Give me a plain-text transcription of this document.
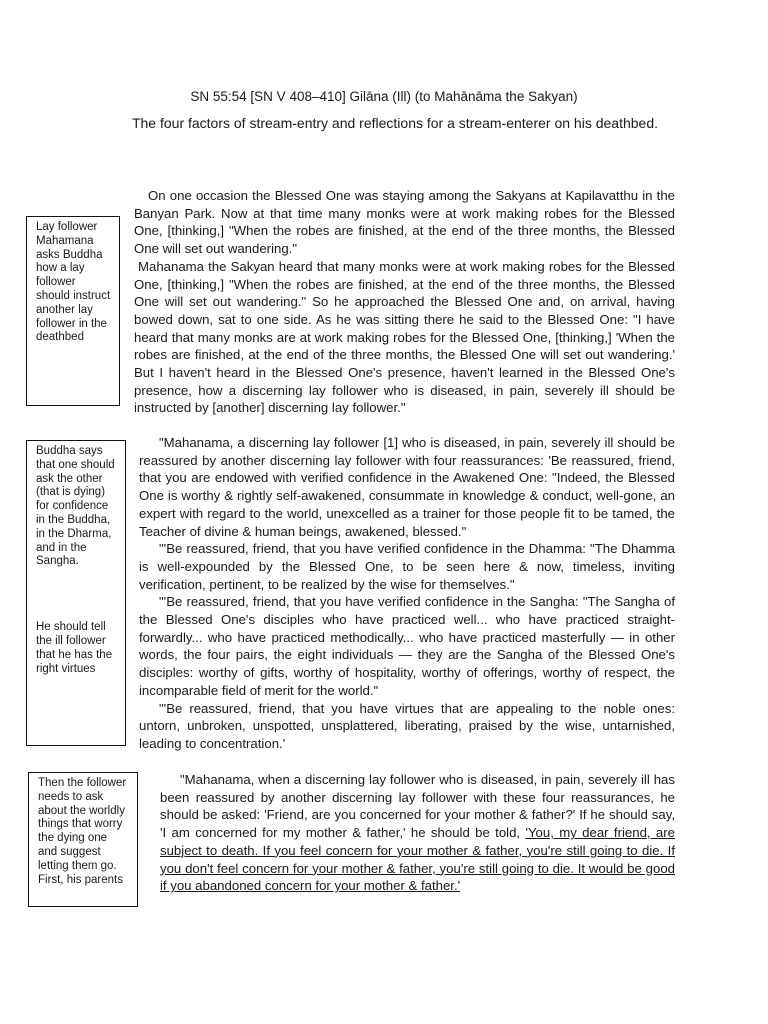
SN 55:54 [SN V 408–410] Gilāna (Ill) (to Mahānāma the Sakyan)
The four factors of stream-entry and reflections for a stream-enterer on his deathbed.

Lay follower Mahamana asks Buddha how a lay follower should instruct another lay follower in the deathbed

Buddha says that one should ask the other (that is dying) for confidence in the Buddha, in the Dharma, and in the Sangha.

He should tell the ill follower that he has the right virtues

Then the follower needs to ask about the worldly things that worry the dying one and suggest letting them go. First, his parents

On one occasion the Blessed One was staying among the Sakyans at Kapilavatthu in the Banyan Park. Now at that time many monks were at work making robes for the Blessed One, [thinking,] "When the robes are finished, at the end of the three months, the Blessed One will set out wandering."
Mahanama the Sakyan heard that many monks were at work making robes for the Blessed One, [thinking,] "When the robes are finished, at the end of the three months, the Blessed One will set out wandering." So he approached the Blessed One and, on arrival, having bowed down, sat to one side. As he was sitting there he said to the Blessed One: "I have heard that many monks are at work making robes for the Blessed One, [thinking,] 'When the robes are finished, at the end of the three months, the Blessed One will set out wandering.' But I haven't heard in the Blessed One's presence, haven't learned in the Blessed One's presence, how a discerning lay follower who is diseased, in pain, severely ill should be instructed by [another] discerning lay follower."

"Mahanama, a discerning lay follower [1] who is diseased, in pain, severely ill should be reassured by another discerning lay follower with four reassurances: 'Be reassured, friend, that you are endowed with verified confidence in the Awakened One: "Indeed, the Blessed One is worthy & rightly self-awakened, consummate in knowledge & conduct, well-gone, an expert with regard to the world, unexcelled as a trainer for those people fit to be tamed, the Teacher of divine & human beings, awakened, blessed."
"'Be reassured, friend, that you have verified confidence in the Dhamma: "The Dhamma is well-expounded by the Blessed One, to be seen here & now, timeless, inviting verification, pertinent, to be realized by the wise for themselves."
"'Be reassured, friend, that you have verified confidence in the Sangha: "The Sangha of the Blessed One's disciples who have practiced well... who have practiced straight-forwardly... who have practiced methodically... who have practiced masterfully — in other words, the four pairs, the eight individuals — they are the Sangha of the Blessed One's disciples: worthy of gifts, worthy of hospitality, worthy of offerings, worthy of respect, the incomparable field of merit for the world."
"'Be reassured, friend, that you have virtues that are appealing to the noble ones: untorn, unbroken, unspotted, unsplattered, liberating, praised by the wise, untarnished, leading to concentration.'

"Mahanama, when a discerning lay follower who is diseased, in pain, severely ill has been reassured by another discerning lay follower with these four reassurances, he should be asked: 'Friend, are you concerned for your mother & father?' If he should say, 'I am concerned for my mother & father,' he should be told, 'You, my dear friend, are subject to death. If you feel concern for your mother & father, you're still going to die. If you don't feel concern for your mother & father, you're still going to die. It would be good if you abandoned concern for your mother & father.'
